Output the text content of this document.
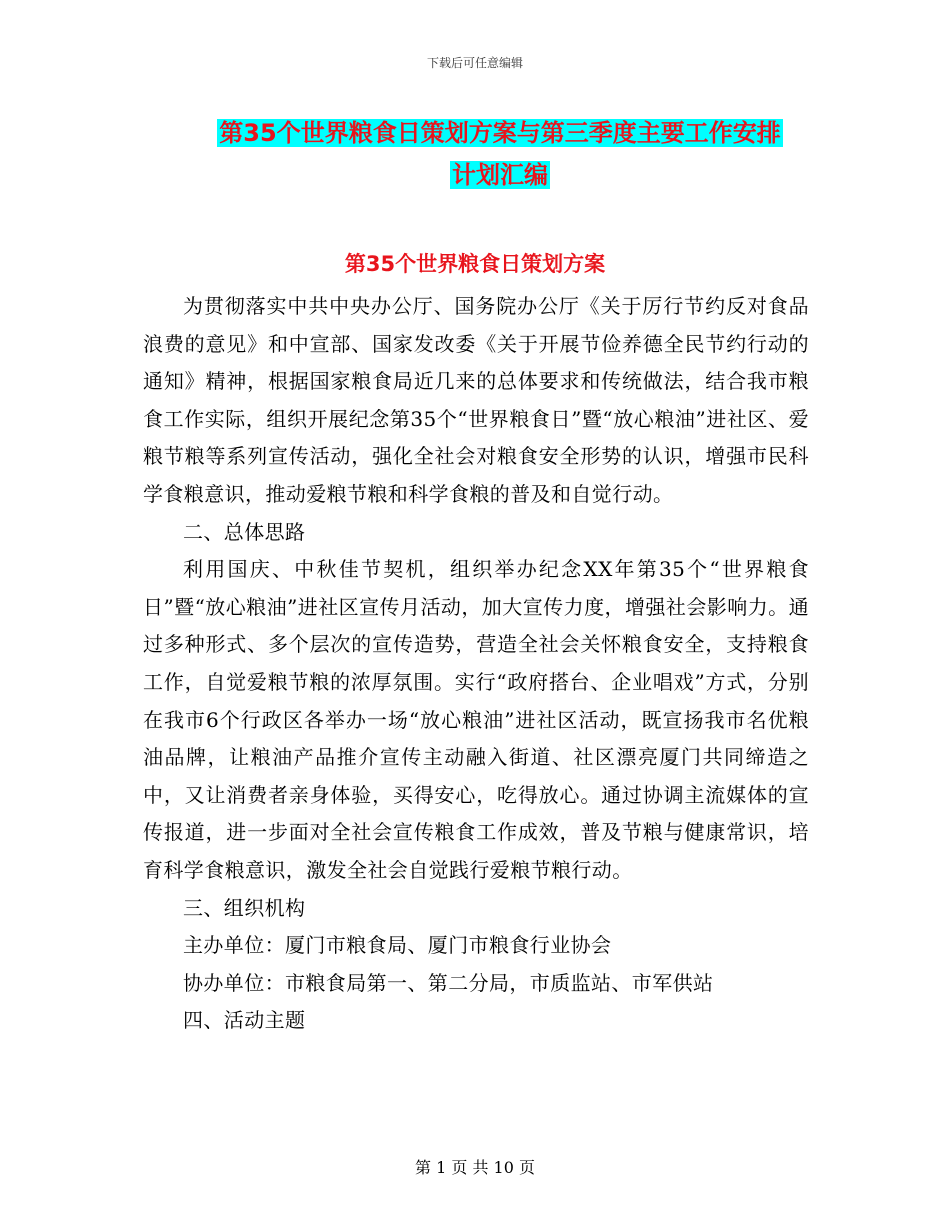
下载后可任意编辑
第35个世界粮食日策划方案与第三季度主要工作安排
计划汇编
第35个世界粮食日策划方案

为贯彻落实中共中央办公厅、国务院办公厅《关于厉行节约反对食品浪费的意见》和中宣部、国家发改委《关于开展节俭养德全民节约行动的通知》精神，根据国家粮食局近几来的总体要求和传统做法，结合我市粮食工作实际，组织开展纪念第35个“世界粮食日”暨“放心粮油”进社区、爱粮节粮等系列宣传活动，强化全社会对粮食安全形势的认识，增强市民科学食粮意识，推动爱粮节粮和科学食粮的普及和自觉行动。

二、总体思路

利用国庆、中秋佳节契机，组织举办纪念XX年第35个“世界粮食日”暨“放心粮油”进社区宣传月活动，加大宣传力度，增强社会影响力。通过多种形式、多个层次的宣传造势，营造全社会关怀粮食安全，支持粮食工作，自觉爱粮节粮的浓厚氛围。实行“政府搭台、企业唱戏”方式，分别在我市6个行政区各举办一场“放心粮油”进社区活动，既宣扬我市名优粮油品牌，让粮油产品推介宣传主动融入街道、社区漂亮厦门共同缔造之中，又让消费者亲身体验，买得安心，吃得放心。通过协调主流媒体的宣传报道，进一步面对全社会宣传粮食工作成效，普及节粮与健康常识，培育科学食粮意识，激发全社会自觉践行爱粮节粮行动。

三、组织机构

主办单位：厦门市粮食局、厦门市粮食行业协会

协办单位：市粮食局第一、第二分局，市质监站、市军供站

四、活动主题

第 1 页 共 10 页
